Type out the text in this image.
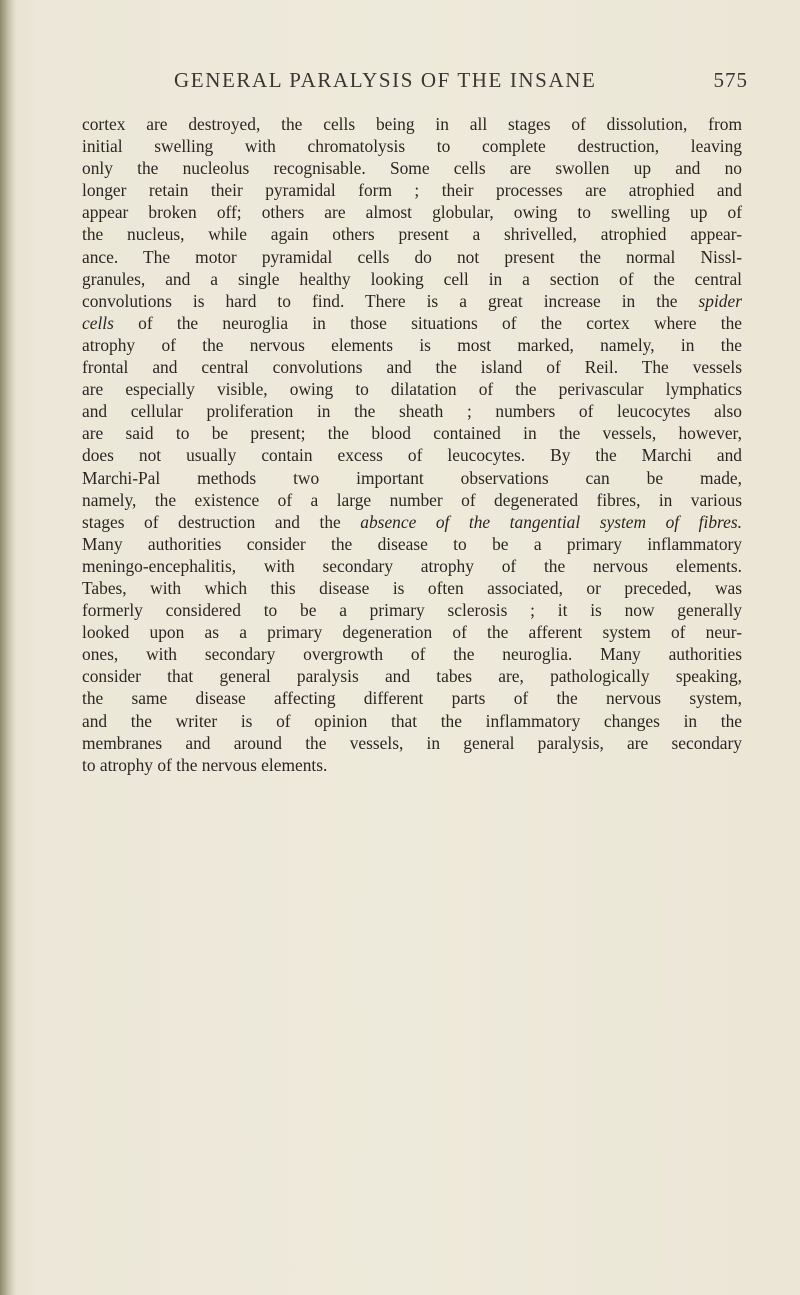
GENERAL PARALYSIS OF THE INSANE	575
cortex are destroyed, the cells being in all stages of dissolution, from
initial swelling with chromatolysis to complete destruction, leaving
only the nucleolus recognisable. Some cells are swollen up and no
longer retain their pyramidal form ; their processes are atrophied and
appear broken off; others are almost globular, owing to swelling up of
the nucleus, while again others present a shrivelled, atrophied appear-
ance. The motor pyramidal cells do not present the normal Nissl-
granules, and a single healthy looking cell in a section of the central
convolutions is hard to find. There is a great increase in the spider
cells of the neuroglia in those situations of the cortex where the
atrophy of the nervous elements is most marked, namely, in the
frontal and central convolutions and the island of Reil. The vessels
are especially visible, owing to dilatation of the perivascular lymphatics
and cellular proliferation in the sheath ; numbers of leucocytes also
are said to be present; the blood contained in the vessels, however,
does not usually contain excess of leucocytes. By the Marchi and
Marchi-Pal methods two important observations can be made,
namely, the existence of a large number of degenerated fibres, in various
stages of destruction and the absence of the tangential system of fibres.
Many authorities consider the disease to be a primary inflammatory
meningo-encephalitis, with secondary atrophy of the nervous elements.
Tabes, with which this disease is often associated, or preceded, was
formerly considered to be a primary sclerosis ; it is now generally
looked upon as a primary degeneration of the afferent system of neur-
ones, with secondary overgrowth of the neuroglia. Many authorities
consider that general paralysis and tabes are, pathologically speaking,
the same disease affecting different parts of the nervous system,
and the writer is of opinion that the inflammatory changes in the
membranes and around the vessels, in general paralysis, are secondary
to atrophy of the nervous elements.
